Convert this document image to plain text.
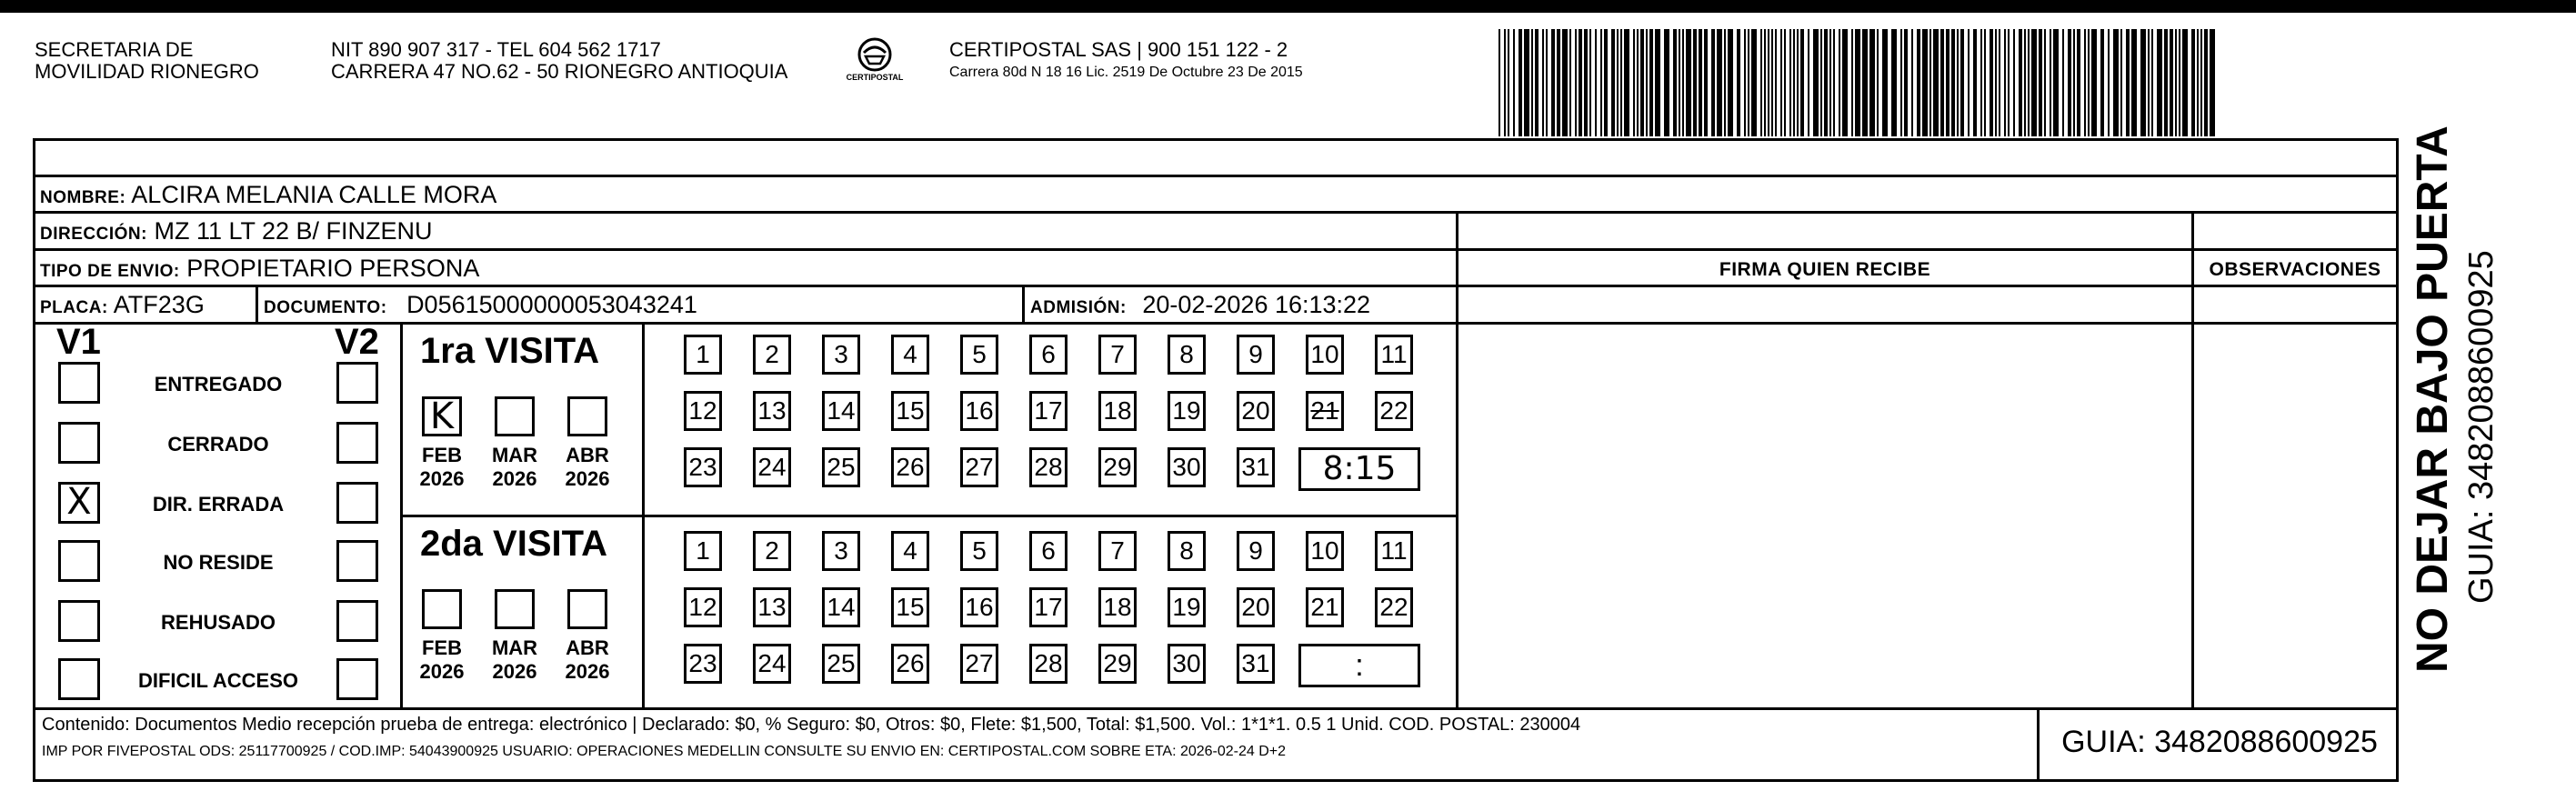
SECRETARIA DE
MOVILIDAD RIONEGRO
NIT 890 907 317 - TEL 604 562 1717
CARRERA 47 NO.62 - 50 RIONEGRO ANTIOQUIA	CERTIPOSTAL
CERTIPOSTAL SAS | 900 151 122 - 2
Carrera 80d N 18 16 Lic. 2519 De Octubre 23 De 2015
NOMBRE: ALCIRA MELANIA CALLE MORA
DIRECCIÓN: MZ 11 LT 22 B/ FINZENU
TIPO DE ENVIO: PROPIETARIO PERSONA	FIRMA QUIEN RECIBE	OBSERVACIONES
PLACA: ATF23G	DOCUMENTO: D05615000000053043241	ADMISIÓN: 20-02-2026 16:13:22
V1	V2 1ra VISITA
2da VISITA
Contenido: Documentos Medio recepción prueba de entrega: electrónico | Declarado: $0, % Seguro: $0, Otros: $0, Flete: $1,500, Total: $1,500. Vol.: 1*1*1. 0.5 1 Unid. COD. POSTAL: 230004
IMP POR FIVEPOSTAL ODS: 25117700925 / COD.IMP: 54043900925 USUARIO: OPERACIONES MEDELLIN CONSULTE SU ENVIO EN: CERTIPOSTAL.COM SOBRE ETA: 2026-02-24 D+2	GUIA: 3482088600925
NO DEJAR BAJO PUERTA GUIA: 3482088600925
ENTREGADO
CERRADO
X	DIR. ERRADA
NO RESIDE
REHUSADO
DIFICIL ACCESO
K
FEB
2026
MAR
2026
ABR
2026
FEB
2026
MAR
2026
ABR
2026
1	2	3	4	5	6	7	8	9	10 11
12 13 14 15 16 17 18 19 20 21 22
23 24 25 26 27 28 29 30 31	8:15
1	2	3	4	5	6	7	8	9	10 11
12 13 14 15 16 17 18 19 20 21 22
23 24 25 26 27 28 29 30 31	:
